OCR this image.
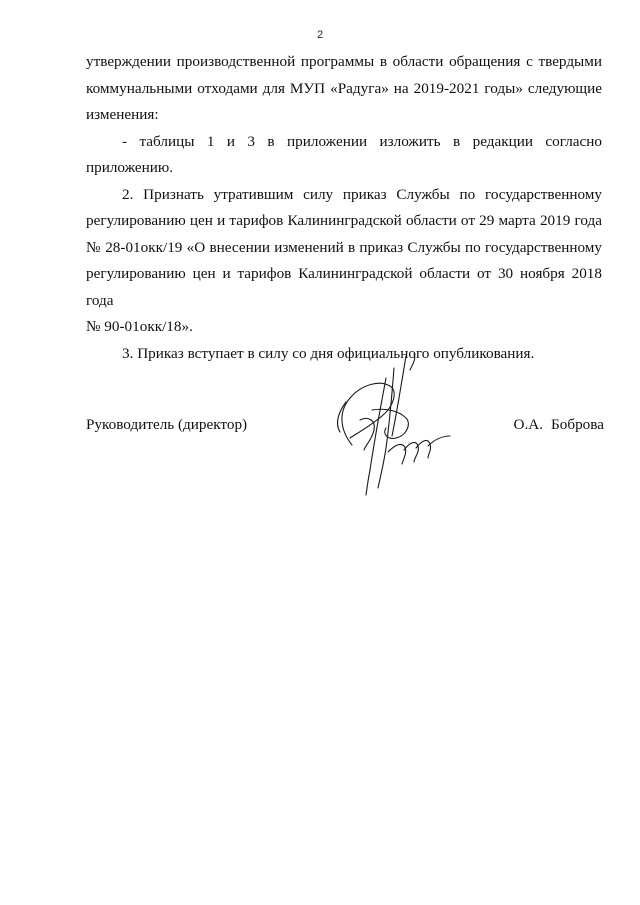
2

утверждении производственной программы в области обращения с твердыми

коммунальными отходами для МУП «Радуга» на 2019-2021 годы» следующие

изменения:

- таблицы 1 и 3 в приложении изложить в редакции согласно

приложению.

2. Признать утратившим силу приказ Службы по государственному

регулированию цен и тарифов Калининградской области от 29 марта 2019 года

№ 28-01окк/19 «О внесении изменений в приказ Службы по государственному

регулированию цен и тарифов Калининградской области от 30 ноября 2018 года

№ 90-01окк/18».

3. Приказ вступает в силу со дня официального опубликования.

Руководитель (директор)	О.А. Боброва
